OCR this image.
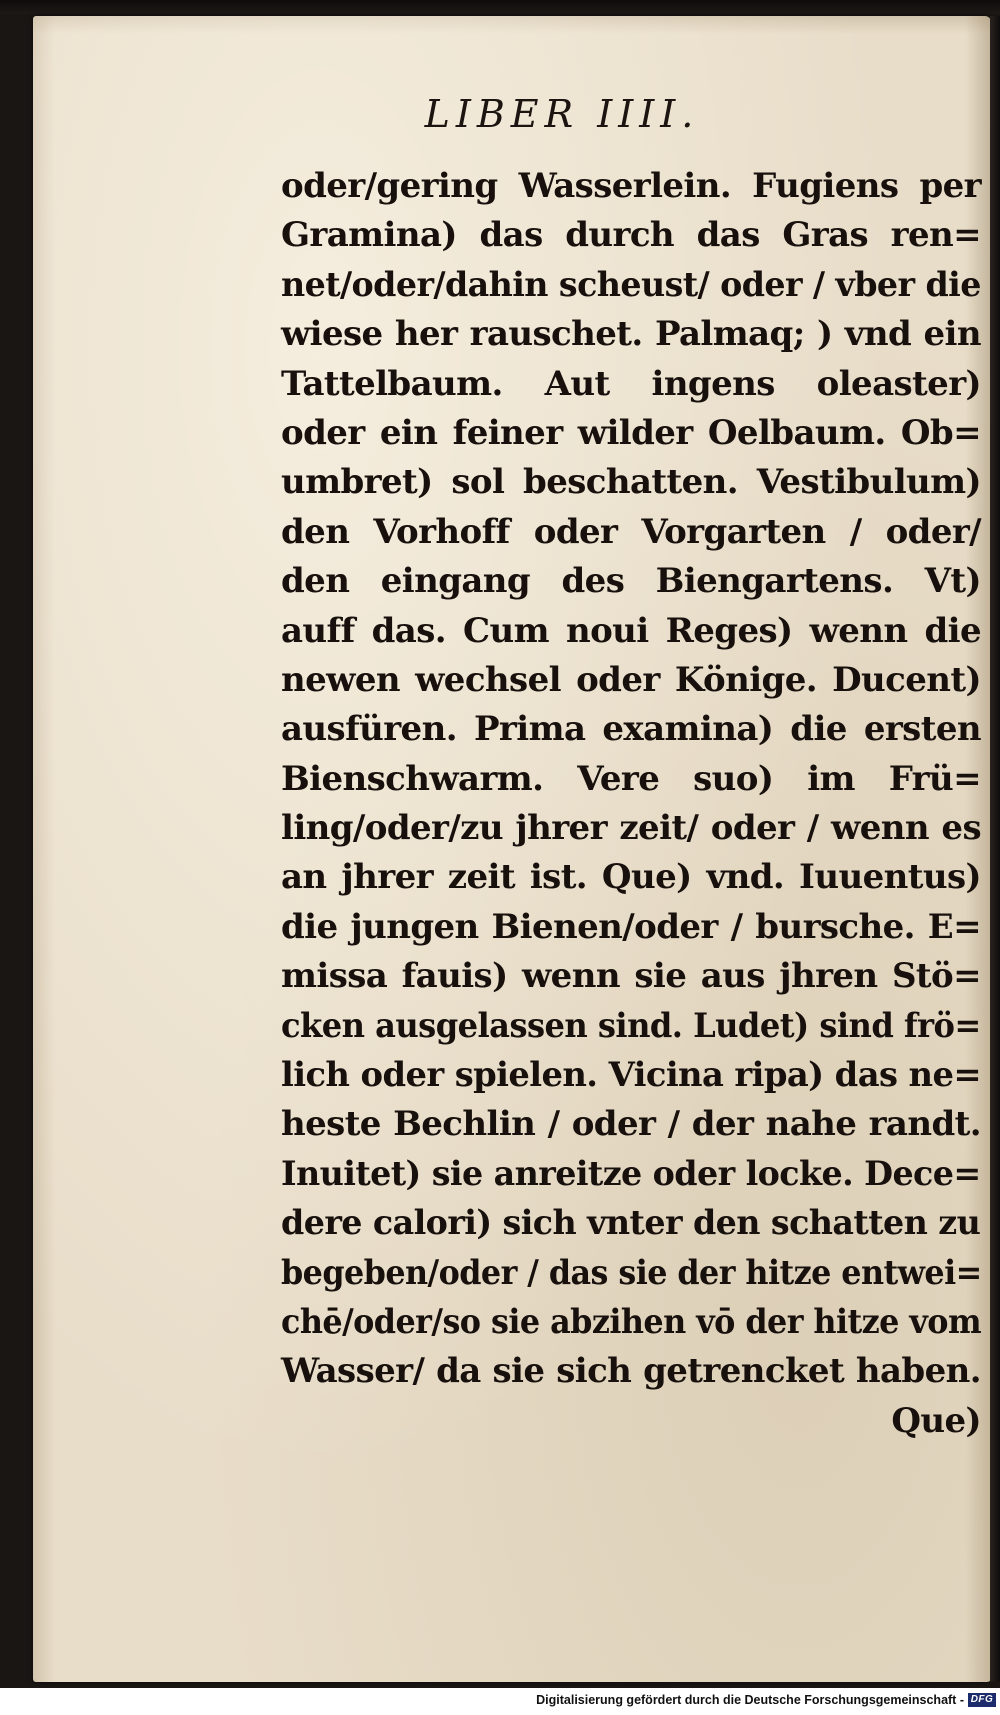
LIBER IIII.
oder/gering Wasserlein. Fugiens per
Gramina) das durch das Gras ren=
net/oder/dahin scheust/ oder / vber die
wiese her rauschet. Palmaq; ) vnd ein
Tattelbaum. Aut ingens oleaster)
oder ein feiner wilder Oelbaum. Ob=
umbret) sol beschatten. Vestibulum)
den Vorhoff oder Vorgarten / oder/
den eingang des Biengartens. Vt)
auff das. Cum noui Reges) wenn die
newen wechsel oder Könige. Ducent)
ausfüren. Prima examina) die ersten
Bienschwarm. Vere suo) im Frü=
ling/oder/zu jhrer zeit/ oder / wenn es
an jhrer zeit ist. Que) vnd. Iuuentus)
die jungen Bienen/oder / bursche. E=
missa fauis) wenn sie aus jhren Stö=
cken ausgelassen sind. Ludet) sind frö=
lich oder spielen. Vicina ripa) das ne=
heste Bechlin / oder / der nahe randt.
Inuitet) sie anreitze oder locke. Dece=
dere calori) sich vnter den schatten zu
begeben/oder / das sie der hitze entwei=
chē/oder/so sie abzihen vō der hitze vom
Wasser/ da sie sich getrencket haben.
Que)
Digitalisierung gefördert durch die Deutsche Forschungsgemeinschaft - DFG
